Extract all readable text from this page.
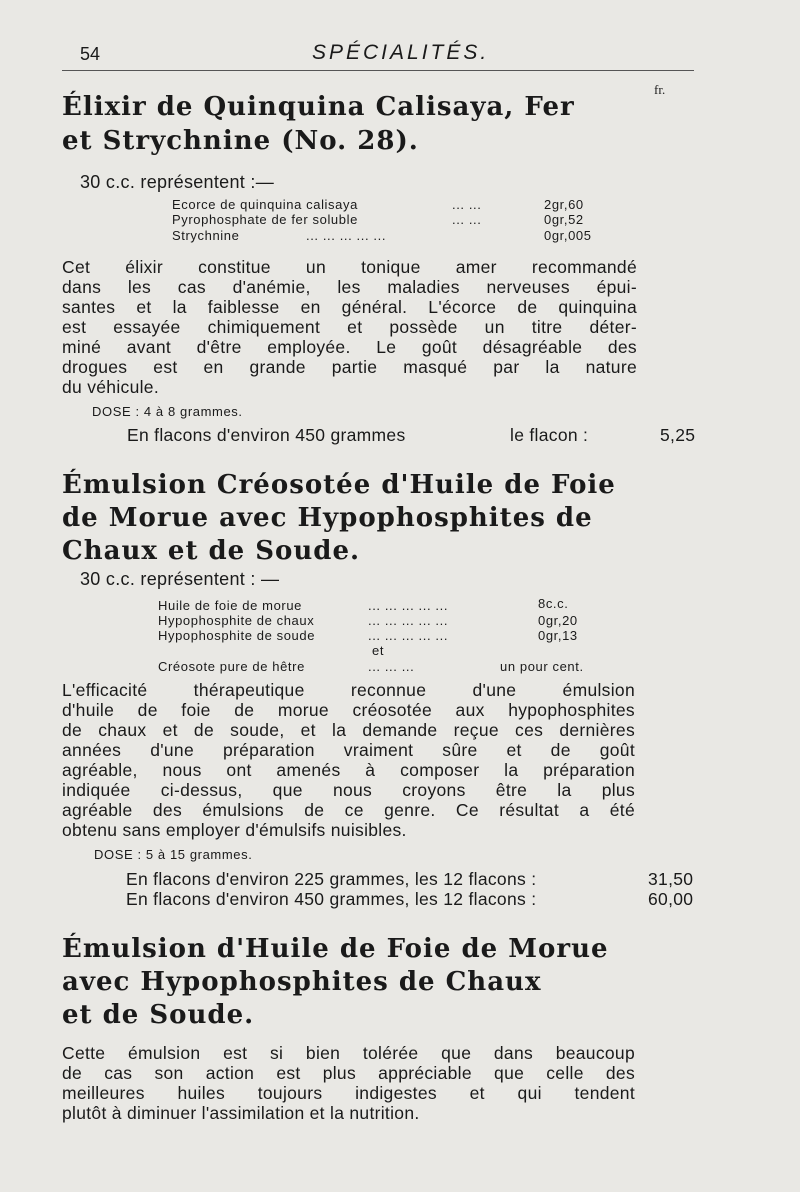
54	SPÉCIALITÉS.
fr.
Élixir de Quinquina Calisaya, Fer
et Strychnine (No. 28).
30 c.c. représentent :—
Ecorce de quinquina calisaya	... ...	2gr,60
Pyrophosphate de fer soluble	... ...	0gr,52
Strychnine	... ... ... ... ...	0gr,005
Cet élixir constitue un tonique amer recommandé
dans les cas d'anémie, les maladies nerveuses épui-
santes et la faiblesse en général. L'écorce de quinquina
est essayée chimiquement et possède un titre déter-
miné avant d'être employée. Le goût désagréable des
drogues est en grande partie masqué par la nature
du véhicule.
DOSE : 4 à 8 grammes.
En flacons d'environ 450 grammes	le flacon :	5,25
Émulsion Créosotée d'Huile de Foie
de Morue avec Hypophosphites de
Chaux et de Soude.
30 c.c. représentent : —
Huile de foie de morue	... ... ... ... ...	8c.c.
Hypophosphite de chaux	... ... ... ... ...	0gr,20
Hypophosphite de soude	... ... ... ... ...	0gr,13
et
Créosote pure de hêtre	... ... ...	un pour cent.
L'efficacité thérapeutique reconnue d'une émulsion
d'huile de foie de morue créosotée aux hypophosphites
de chaux et de soude, et la demande reçue ces dernières
années d'une préparation vraiment sûre et de goût
agréable, nous ont amenés à composer la préparation
indiquée ci-dessus, que nous croyons être la plus
agréable des émulsions de ce genre. Ce résultat a été
obtenu sans employer d'émulsifs nuisibles.
DOSE : 5 à 15 grammes.
En flacons d'environ 225 grammes, les 12 flacons :	31,50
En flacons d'environ 450 grammes, les 12 flacons :	60,00
Émulsion d'Huile de Foie de Morue
avec Hypophosphites de Chaux
et de Soude.
Cette émulsion est si bien tolérée que dans beaucoup
de cas son action est plus appréciable que celle des
meilleures huiles toujours indigestes et qui tendent
plutôt à diminuer l'assimilation et la nutrition.
